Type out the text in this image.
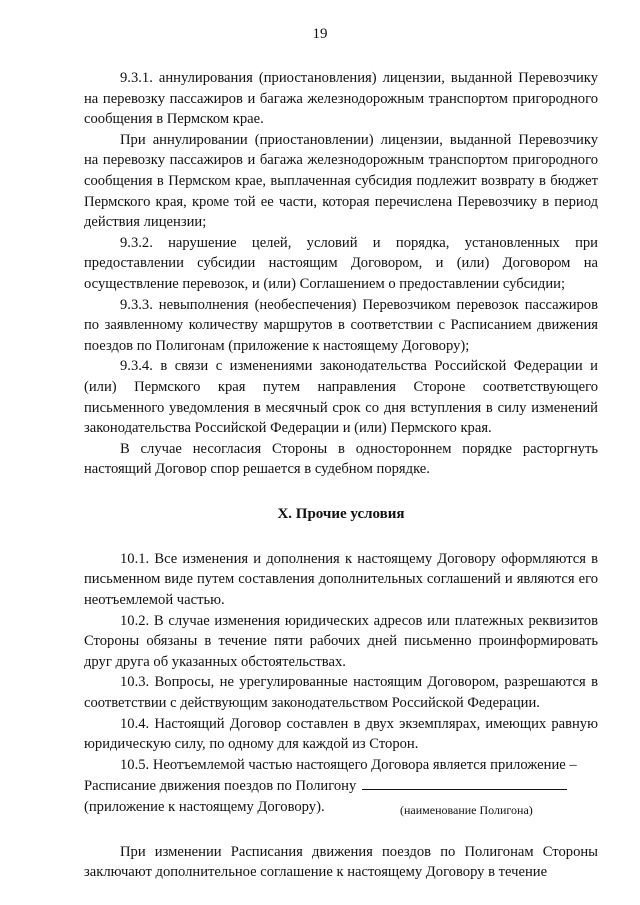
19

9.3.1. аннулирования (приостановления) лицензии, выданной Перевозчику на перевозку пассажиров и багажа железнодорожным транспортом пригородного сообщения в Пермском крае.

При аннулировании (приостановлении) лицензии, выданной Перевозчику на перевозку пассажиров и багажа железнодорожным транспортом пригородного сообщения в Пермском крае, выплаченная субсидия подлежит возврату в бюджет Пермского края, кроме той ее части, которая перечислена Перевозчику в период действия лицензии;

9.3.2. нарушение целей, условий и порядка, установленных при предоставлении субсидии настоящим Договором, и (или) Договором на осуществление перевозок, и (или) Соглашением о предоставлении субсидии;

9.3.3. невыполнения (необеспечения) Перевозчиком перевозок пассажиров по заявленному количеству маршрутов в соответствии с Расписанием движения поездов по Полигонам (приложение к настоящему Договору);

9.3.4. в связи с изменениями законодательства Российской Федерации и (или) Пермского края путем направления Стороне соответствующего письменного уведомления в месячный срок со дня вступления в силу изменений законодательства Российской Федерации и (или) Пермского края.

В случае несогласия Стороны в одностороннем порядке расторгнуть настоящий Договор спор решается в судебном порядке.

X. Прочие условия

10.1. Все изменения и дополнения к настоящему Договору оформляются в письменном виде путем составления дополнительных соглашений и являются его неотъемлемой частью.

10.2. В случае изменения юридических адресов или платежных реквизитов Стороны обязаны в течение пяти рабочих дней письменно проинформировать друг друга об указанных обстоятельствах.

10.3. Вопросы, не урегулированные настоящим Договором, разрешаются в соответствии с действующим законодательством Российской Федерации.

10.4. Настоящий Договор составлен в двух экземплярах, имеющих равную юридическую силу, по одному для каждой из Сторон.

10.5. Неотъемлемой частью настоящего Договора является приложение –

Расписание движения поездов по Полигону
(приложение к настоящему Договору).	(наименование Полигона)

При изменении Расписания движения поездов по Полигонам Стороны заключают дополнительное соглашение к настоящему Договору в течение
